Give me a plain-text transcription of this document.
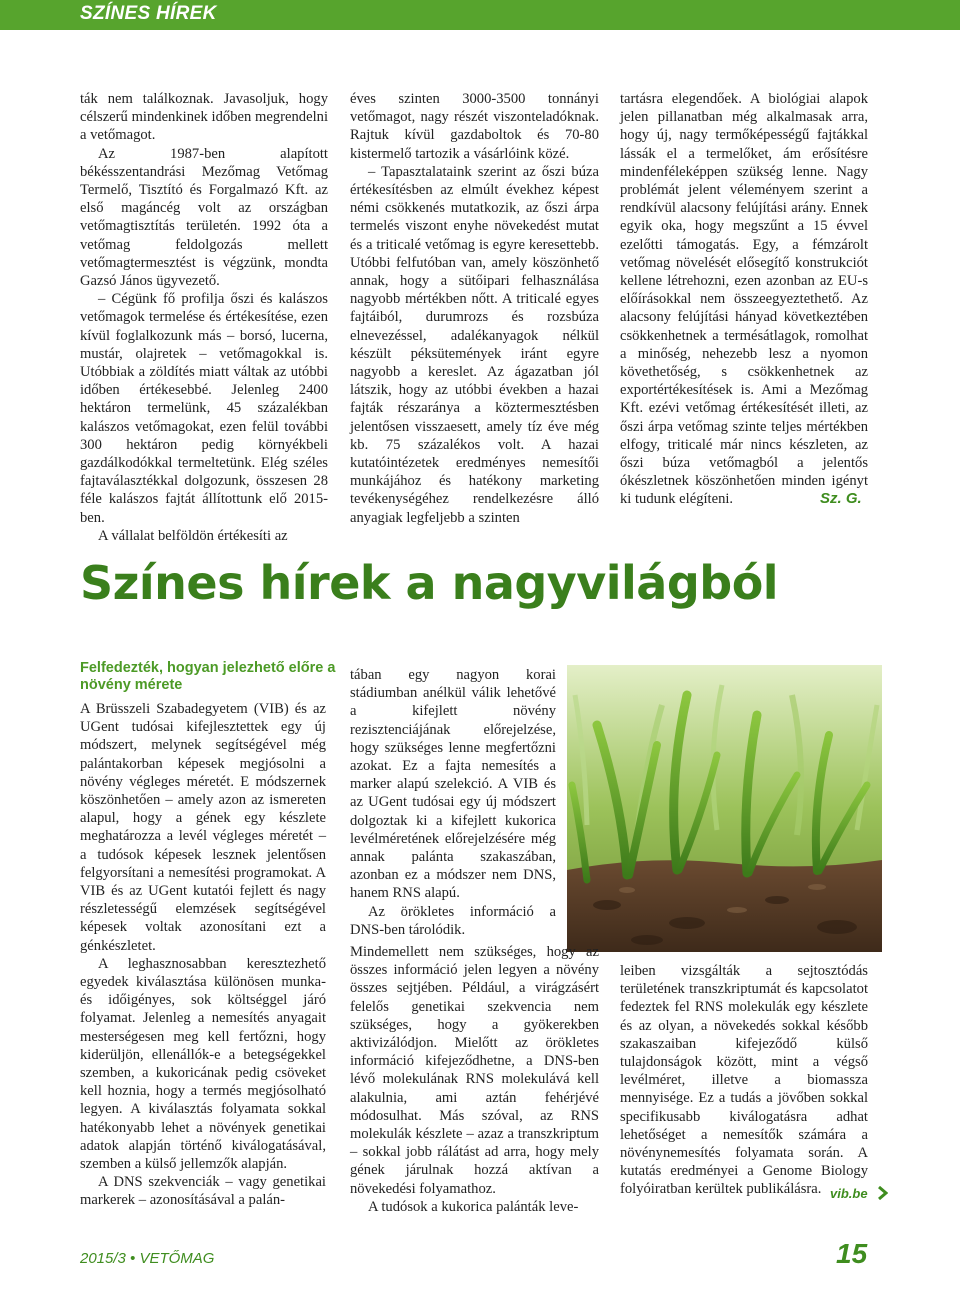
SZÍNES HÍREK

ták nem találkoznak. Javasoljuk, hogy célszerű mindenkinek időben megrendelni a vetőmagot.

Az 1987-ben alapított békésszentandrási Mezőmag Vetőmag Termelő, Tisztító és Forgalmazó Kft. az első magáncég volt az országban vetőmagtisztítás területén. 1992 óta a vetőmag feldolgozás mellett vetőmagtermesztést is végzünk, mondta Gazsó János ügyvezető.

– Cégünk fő profilja őszi és kalászos vetőmagok termelése és értékesítése, ezen kívül foglalkozunk más – borsó, lucerna, mustár, olajretek – vetőmagokkal is. Utóbbiak a zöldítés miatt váltak az utóbbi időben értékesebbé. Jelenleg 2400 hektáron termelünk, 45 százalékban kalászos vetőmagokat, ezen felül további 300 hektáron pedig környékbeli gazdálkodókkal termeltetünk. Elég széles fajtaválasztékkal dolgozunk, összesen 28 féle kalászos fajtát állítottunk elő 2015-ben.

A vállalat belföldön értékesíti az

éves szinten 3000-3500 tonnányi vetőmagot, nagy részét viszonteladóknak. Rajtuk kívül gazdaboltok és 70-80 kistermelő tartozik a vásárlóink közé.

– Tapasztalataink szerint az őszi búza értékesítésben az elmúlt évekhez képest némi csökkenés mutatkozik, az őszi árpa termelés viszont enyhe növekedést mutat és a triticalé vetőmag is egyre keresettebb. Utóbbi felfutóban van, amely köszönhető annak, hogy a sütőipari felhasználása nagyobb mértékben nőtt. A triticalé egyes fajtáiból, durumrozs és rozsbúza elnevezéssel, adalékanyagok nélkül készült péksütemények iránt egyre nagyobb a kereslet. Az ágazatban jól látszik, hogy az utóbbi években a hazai fajták részaránya a köztermesztésben jelentősen visszaesett, amely tíz éve még kb. 75 százalékos volt. A hazai kutatóintézetek eredményes nemesítői munkájához és hatékony marketing tevékenységéhez rendelkezésre álló anyagiak legfeljebb a szinten

tartásra elegendőek. A biológiai alapok jelen pillanatban még alkalmasak arra, hogy új, nagy termőképességű fajtákkal lássák el a termelőket, ám erősítésre mindenféleképpen szükség lenne. Nagy problémát jelent véleményem szerint a rendkívül alacsony felújítási arány. Ennek egyik oka, hogy megszűnt a 15 évvel ezelőtti támogatás. Egy, a fémzárolt vetőmag növelését elősegítő konstrukciót kellene létrehozni, ezen azonban az EU-s előírásokkal nem összeegyeztethető. Az alacsony felújítási hányad következtében csökkenhetnek a termésátlagok, romolhat a minőség, nehezebb lesz a nyomon követhetőség, s csökkenhetnek az exportértékesítések is. Ami a Mezőmag Kft. ezévi vetőmag értékesítését illeti, az őszi árpa vetőmag szinte teljes mértékben elfogy, triticalé már nincs készleten, az őszi búza vetőmagból a jelentős ókészletnek köszönhetően minden igényt ki tudunk elégíteni.	Sz. G.
Színes hírek a nagyvilágból
Felfedezték, hogyan jelezhető előre a növény mérete

A Brüsszeli Szabadegyetem (VIB) és az UGent tudósai kifejlesztettek egy új módszert, melynek segítségével még palántakorban képesek megjósolni a növény végleges méretét. E módszernek köszönhetően – amely azon az ismereten alapul, hogy a gének egy készlete meghatározza a levél végleges méretét – a tudósok képesek lesznek jelentősen felgyorsítani a nemesítési programokat. A VIB és az UGent kutatói fejlett és nagy részletességű elemzések segítségével képesek voltak azonosítani ezt a génkészletet.

A leghasznosabban keresztezhető egyedek kiválasztása különösen munka- és időigényes, sok költséggel járó folyamat. Jelenleg a nemesítés anyagait mesterségesen meg kell fertőzni, hogy kiderüljön, ellenállók-e a betegségekkel szemben, a kukoricának pedig csöveket kell hoznia, hogy a termés megjósolható legyen. A kiválasztás folyamata sokkal hatékonyabb lehet a növények genetikai adatok alapján történő kiválogatásával, szemben a külső jellemzők alapján.

A DNS szekvenciák – vagy genetikai markerek – azonosításával a palán-

tában egy nagyon korai stádiumban anélkül válik lehetővé a kifejlett növény rezisztenciájának előrejelzése, hogy szükséges lenne megfertőzni azokat. Ez a fajta nemesítés a marker alapú szelekció. A VIB és az UGent tudósai egy új módszert dolgoztak ki a kifejlett kukorica levélméretének előrejelzésére még annak palánta szakaszában, azonban ez a módszer nem DNS, hanem RNS alapú.

Az örökletes információ a DNS-ben tárolódik.

Mindemellett nem szükséges, hogy az összes információ jelen legyen a növény összes sejtjében. Például, a virágzásért felelős genetikai szekvencia nem szükséges, hogy a gyökerekben aktivizálódjon. Mielőtt az örökletes információ kifejeződhetne, a DNS-ben lévő molekulának RNS molekulává kell alakulnia, ami aztán fehérjévé módosulhat. Más szóval, az RNS molekulák készlete – azaz a transzkriptum – sokkal jobb rálátást ad arra, hogy mely gének járulnak hozzá aktívan a növekedési folyamathoz.

A tudósok a kukorica palánták leve-

leiben vizsgálták a sejtosztódás területének transzkriptumát és kapcsolatot fedeztek fel RNS molekulák egy készlete és az olyan, a növekedés sokkal később szakaszaiban kifejeződő külső tulajdonságok között, mint a végső levélméret, illetve a biomassza mennyisége. Ez a tudás a jövőben sokkal specifikusabb kiválogatásra adhat lehetőséget a nemesítők számára a növénynemesítés folyamata során. A kutatás eredményei a Genome Biology folyóiratban kerültek publikálásra. vib.be
2015/3 • VETŐMAG	15
